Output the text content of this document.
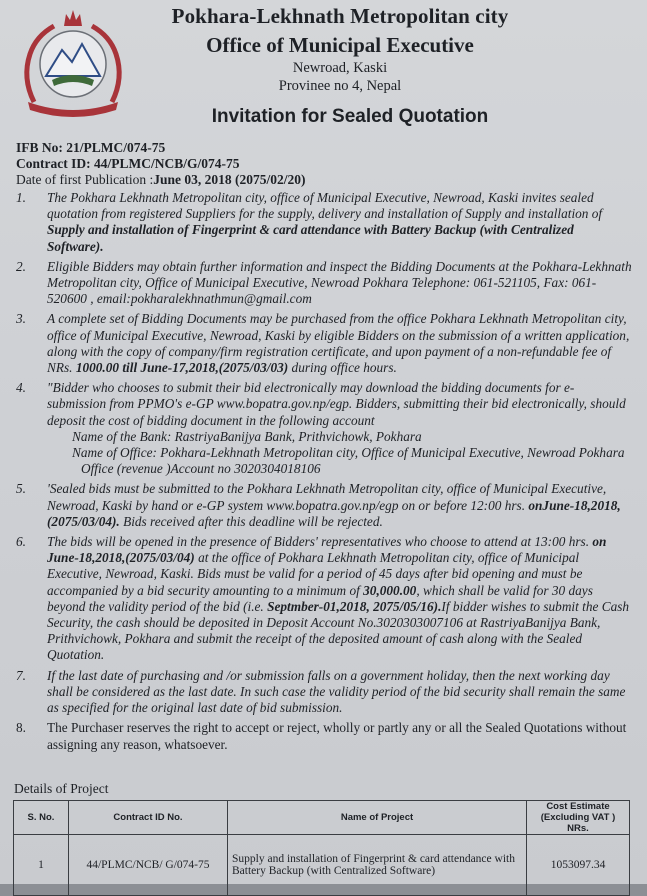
Pokhara-Lekhnath Metropolitan city
Office of Municipal Executive
Newroad, Kaski
Provinee no 4, Nepal
Invitation for Sealed Quotation
IFB No: 21/PLMC/074-75
Contract ID: 44/PLMC/NCB/G/074-75
Date of first Publication :June 03, 2018 (2075/02/20)
1. The Pokhara Lekhnath Metropolitan city, office of Municipal Executive, Newroad, Kaski invites sealed quotation from registered Suppliers for the supply, delivery and installation of Supply and installation of Supply and installation of Fingerprint & card attendance with Battery Backup (with Centralized Software).
2. Eligible Bidders may obtain further information and inspect the Bidding Documents at the Pokhara-Lekhnath Metropolitan city, Office of Municipal Executive, Newroad Pokhara Telephone: 061-521105, Fax: 061-520600 , email:pokharalekhnathmun@gmail.com
3. A complete set of Bidding Documents may be purchased from the office Pokhara Lekhnath Metropolitan city, office of Municipal Executive, Newroad, Kaski by eligible Bidders on the submission of a written application, along with the copy of company/firm registration certificate, and upon payment of a non-refundable fee of NRs. 1000.00 till June-17,2018,(2075/03/03) during office hours.
4. "Bidder who chooses to submit their bid electronically may download the bidding documents for e-submission from PPMO's e-GP www.bopatra.gov.np/egp. Bidders, submitting their bid electronically, should deposit the cost of bidding document in the following account
Name of the Bank: RastriyaBanijya Bank, Prithvichowk, Pokhara
Name of Office: Pokhara-Lekhnath Metropolitan city, Office of Municipal Executive, Newroad Pokhara
Office (revenue )Account no 3020304018106
5. 'Sealed bids must be submitted to the Pokhara Lekhnath Metropolitan city, office of Municipal Executive, Newroad, Kaski by hand or e-GP system www.bopatra.gov.np/egp on or before 12:00 hrs. onJune-18,2018,(2075/03/04). Bids received after this deadline will be rejected.
6. The bids will be opened in the presence of Bidders' representatives who choose to attend at 13:00 hrs. on June-18,2018,(2075/03/04) at the office of Pokhara Lekhnath Metropolitan city, office of Municipal Executive, Newroad, Kaski. Bids must be valid for a period of 45 days after bid opening and must be accompanied by a bid security amounting to a minimum of 30,000.00, which shall be valid for 30 days beyond the validity period of the bid (i.e. Septmber-01,2018, 2075/05/16).If bidder wishes to submit the Cash Security, the cash should be deposited in Deposit Account No.3020303007106 at RastriyaBanijya Bank, Prithvichowk, Pokhara and submit the receipt of the deposited amount of cash along with the Sealed Quotation.
7. If the last date of purchasing and /or submission falls on a government holiday, then the next working day shall be considered as the last date. In such case the validity period of the bid security shall remain the same as specified for the original last date of bid submission.
8. The Purchaser reserves the right to accept or reject, wholly or partly any or all the Sealed Quotations without assigning any reason, whatsoever.
Details of Project
S. No.	Contract ID No.	Name of Project	Cost Estimate (Excluding VAT ) NRs.
1	44/PLMC/NCB/ G/074-75	Supply and installation of Fingerprint & card attendance with Battery Backup (with Centralized Software)	1053097.34
